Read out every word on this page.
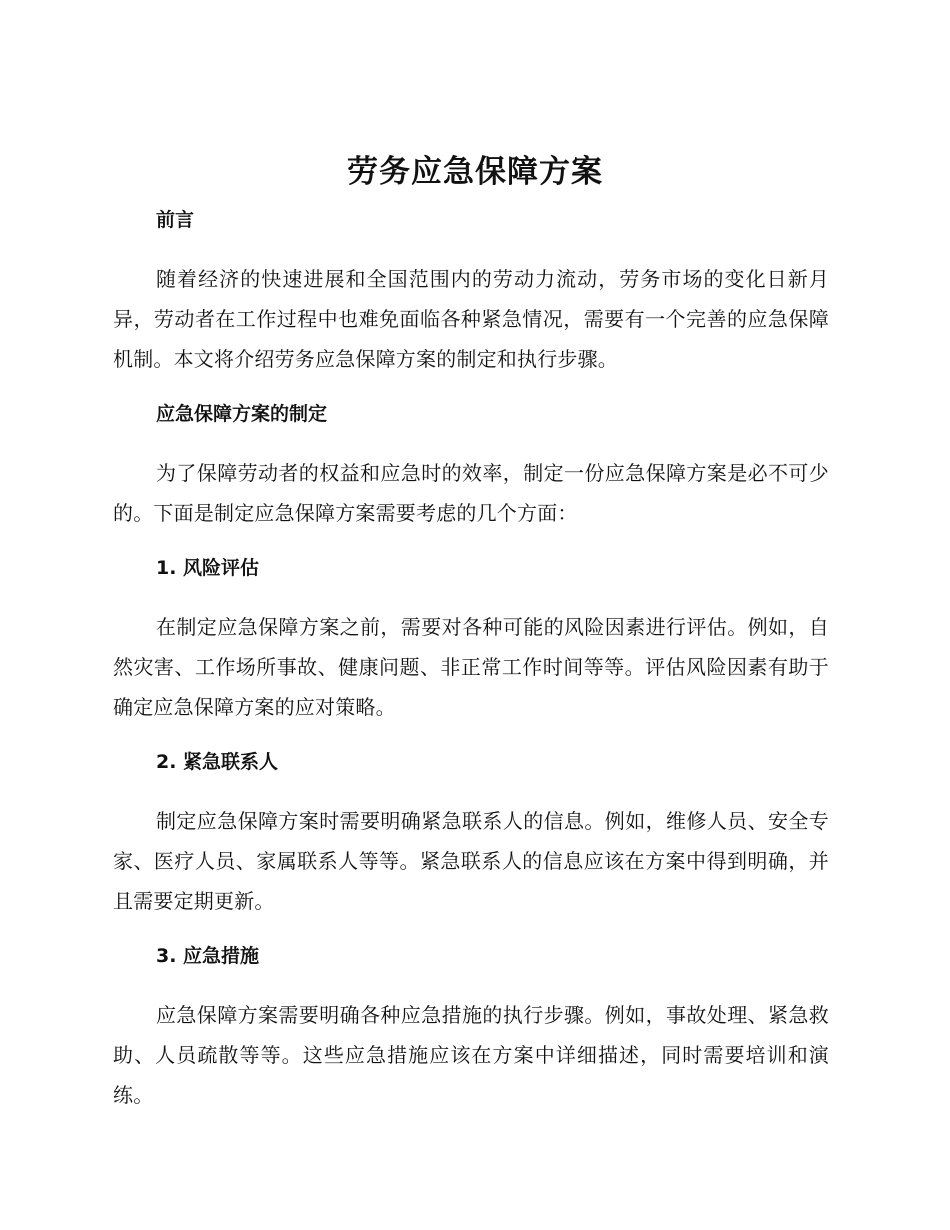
劳务应急保障方案
前言

随着经济的快速进展和全国范围内的劳动力流动，劳务市场的变化日新月异，劳动者在工作过程中也难免面临各种紧急情况，需要有一个完善的应急保障机制。本文将介绍劳务应急保障方案的制定和执行步骤。

应急保障方案的制定

为了保障劳动者的权益和应急时的效率，制定一份应急保障方案是必不可少的。下面是制定应急保障方案需要考虑的几个方面：

1. 风险评估

在制定应急保障方案之前，需要对各种可能的风险因素进行评估。例如，自然灾害、工作场所事故、健康问题、非正常工作时间等等。评估风险因素有助于确定应急保障方案的应对策略。

2. 紧急联系人

制定应急保障方案时需要明确紧急联系人的信息。例如，维修人员、安全专家、医疗人员、家属联系人等等。紧急联系人的信息应该在方案中得到明确，并且需要定期更新。

3. 应急措施

应急保障方案需要明确各种应急措施的执行步骤。例如，事故处理、紧急救助、人员疏散等等。这些应急措施应该在方案中详细描述，同时需要培训和演练。
